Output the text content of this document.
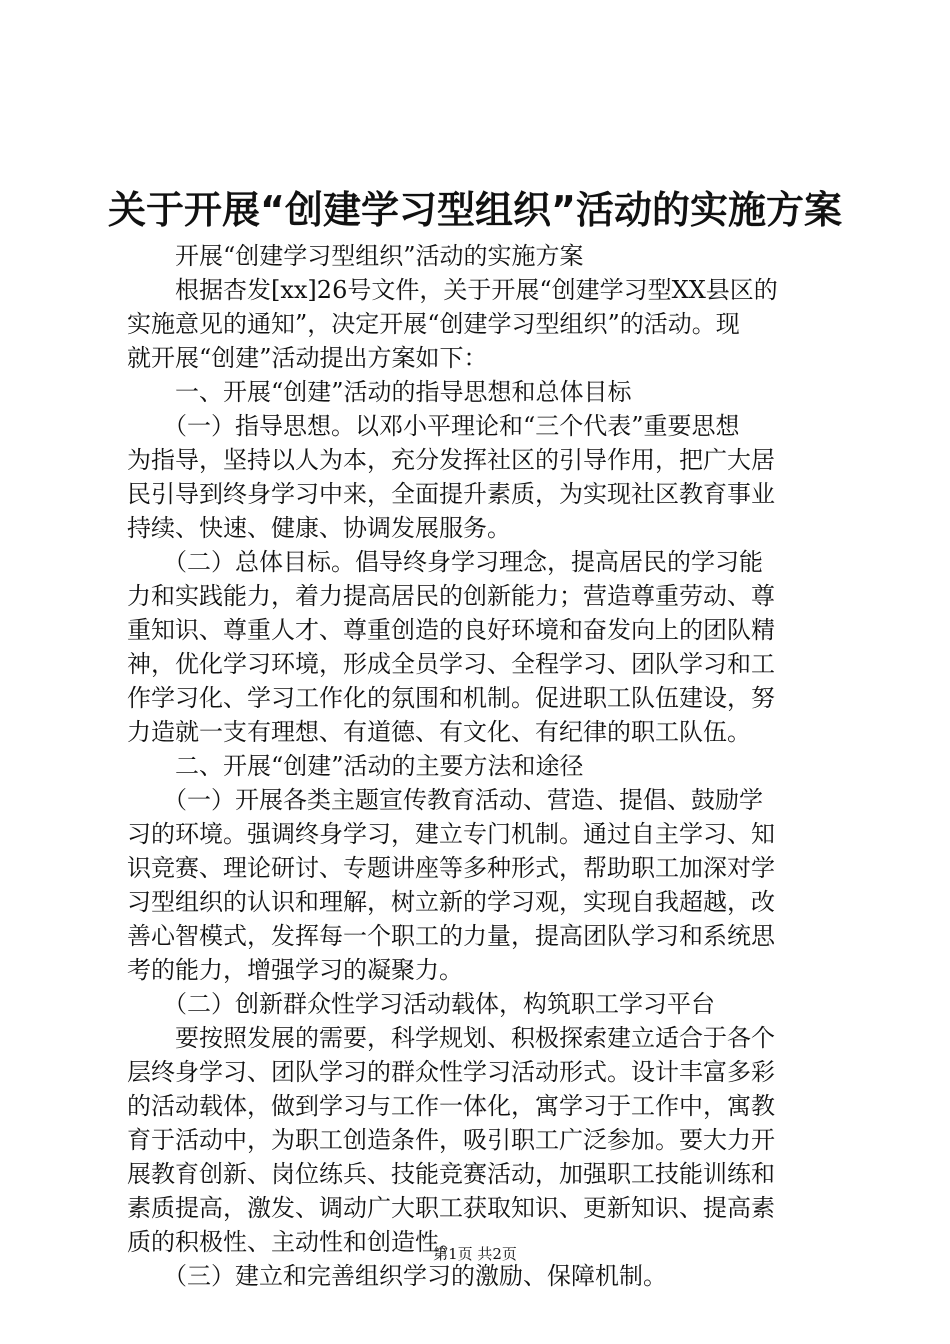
关于开展“创建学习型组织”活动的实施方案
　　开展“创建学习型组织”活动的实施方案
　　根据杏发[xx]26号文件，关于开展“创建学习型XX县区的
实施意见的通知”，决定开展“创建学习型组织”的活动。现
就开展“创建”活动提出方案如下：
　　一、开展“创建”活动的指导思想和总体目标
　　（一）指导思想。以邓小平理论和“三个代表”重要思想
为指导，坚持以人为本，充分发挥社区的引导作用，把广大居
民引导到终身学习中来，全面提升素质，为实现社区教育事业
持续、快速、健康、协调发展服务。
　　（二）总体目标。倡导终身学习理念，提高居民的学习能
力和实践能力，着力提高居民的创新能力；营造尊重劳动、尊
重知识、尊重人才、尊重创造的良好环境和奋发向上的团队精
神，优化学习环境，形成全员学习、全程学习、团队学习和工
作学习化、学习工作化的氛围和机制。促进职工队伍建设，努
力造就一支有理想、有道德、有文化、有纪律的职工队伍。
　　二、开展“创建”活动的主要方法和途径
　　（一）开展各类主题宣传教育活动、营造、提倡、鼓励学
习的环境。强调终身学习，建立专门机制。通过自主学习、知
识竞赛、理论研讨、专题讲座等多种形式，帮助职工加深对学
习型组织的认识和理解，树立新的学习观，实现自我超越，改
善心智模式，发挥每一个职工的力量，提高团队学习和系统思
考的能力，增强学习的凝聚力。
　　（二）创新群众性学习活动载体，构筑职工学习平台
　　要按照发展的需要，科学规划、积极探索建立适合于各个
层终身学习、团队学习的群众性学习活动形式。设计丰富多彩
的活动载体，做到学习与工作一体化，寓学习于工作中，寓教
育于活动中，为职工创造条件，吸引职工广泛参加。要大力开
展教育创新、岗位练兵、技能竞赛活动，加强职工技能训练和
素质提高，激发、调动广大职工获取知识、更新知识、提高素
质的积极性、主动性和创造性。
　　（三）建立和完善组织学习的激励、保障机制。
第1页 共2页
